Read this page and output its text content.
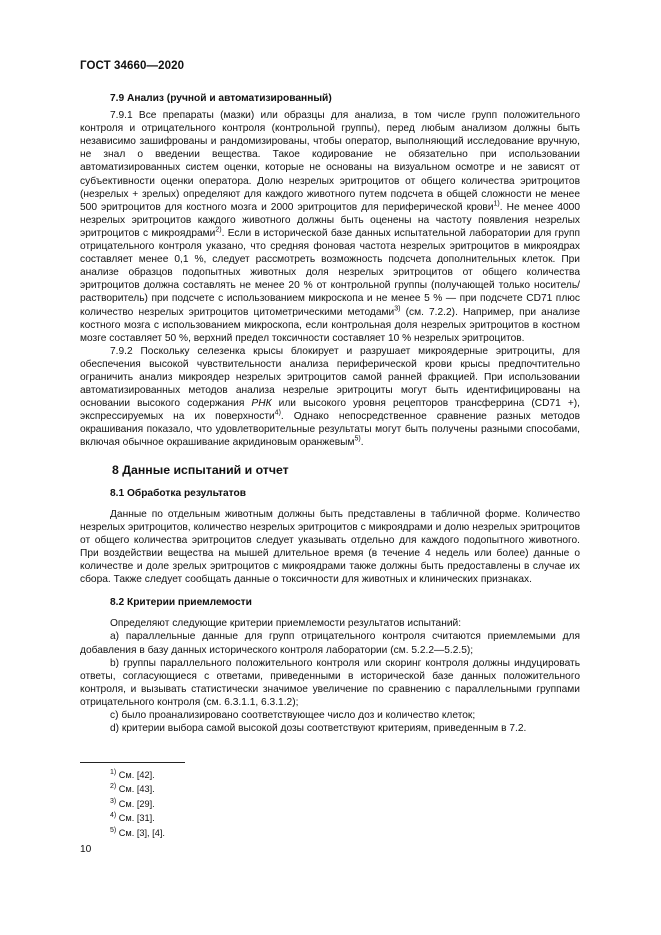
ГОСТ 34660—2020
7.9 Анализ (ручной и автоматизированный)

7.9.1 Все препараты (мазки) или образцы для анализа, в том числе групп положительного контроля и отрицательного контроля (контрольной группы), перед любым анализом должны быть независимо зашифрованы и рандомизированы, чтобы оператор, выполняющий исследование вручную, не знал о введении вещества. Такое кодирование не обязательно при использовании автоматизированных систем оценки, которые не основаны на визуальном осмотре и не зависят от субъективности оценки оператора. Долю незрелых эритроцитов от общего количества эритроцитов (незрелых + зрелых) определяют для каждого животного путем подсчета в общей сложности не менее 500 эритроцитов для костного мозга и 2000 эритроцитов для периферической крови$^{1)}$. Не менее 4000 незрелых эритроцитов каждого животного должны быть оценены на частоту появления незрелых эритроцитов с микроядрами$^{2)}$. Если в исторической базе данных испытательной лаборатории для групп отрицательного контроля указано, что средняя фоновая частота незрелых эритроцитов в микроядрах составляет менее 0,1 %, следует рассмотреть возможность подсчета дополнительных клеток. При анализе образцов подопытных животных доля незрелых эритроцитов от общего количества эритроцитов должна составлять не менее 20 % от контрольной группы (получающей только носитель/растворитель) при подсчете с использованием микроскопа и не менее 5 % — при подсчете CD71 плюс количество незрелых эритроцитов цитометрическими методами$^{3)}$ (см. 7.2.2). Например, при анализе костного мозга с использованием микроскопа, если контрольная доля незрелых эритроцитов в костном мозге составляет 50 %, верхний предел токсичности составляет 10 % незрелых эритроцитов.

7.9.2 Поскольку селезенка крысы блокирует и разрушает микроядерные эритроциты, для обеспечения высокой чувствительности анализа периферической крови крысы предпочтительно ограничить анализ микроядер незрелых эритроцитов самой ранней фракцией. При использовании автоматизированных методов анализа незрелые эритроциты могут быть идентифицированы на основании высокого содержания РНК или высокого уровня рецепторов трансферрина (CD71 +), экспрессируемых на их поверхности$^{4)}$. Однако непосредственное сравнение разных методов окрашивания показало, что удовлетворительные результаты могут быть получены разными способами, включая обычное окрашивание акридиновым оранжевым$^{5)}$.

8 Данные испытаний и отчет
8.1 Обработка результатов

Данные по отдельным животным должны быть представлены в табличной форме. Количество незрелых эритроцитов, количество незрелых эритроцитов с микроядрами и долю незрелых эритроцитов от общего количества эритроцитов следует указывать отдельно для каждого подопытного животного. При воздействии вещества на мышей длительное время (в течение 4 недель или более) данные о количестве и доле зрелых эритроцитов с микроядрами также должны быть предоставлены в случае их сбора. Также следует сообщать данные о токсичности для животных и клинических признаках.

8.2 Критерии приемлемости

Определяют следующие критерии приемлемости результатов испытаний:

a) параллельные данные для групп отрицательного контроля считаются приемлемыми для добавления в базу данных исторического контроля лаборатории (см. 5.2.2—5.2.5);

b) группы параллельного положительного контроля или скоринг контроля должны индуцировать ответы, согласующиеся с ответами, приведенными в исторической базе данных положительного контроля, и вызывать статистически значимое увеличение по сравнению с параллельными группами отрицательного контроля (см. 6.3.1.1, 6.3.1.2);

c) было проанализировано соответствующее число доз и количество клеток;

d) критерии выбора самой высокой дозы соответствуют критериям, приведенным в 7.2.

$^{1)}$ См. [42].
$^{2)}$ См. [43].
$^{3)}$ См. [29].
$^{4)}$ См. [31].
$^{5)}$ См. [3], [4].
10
